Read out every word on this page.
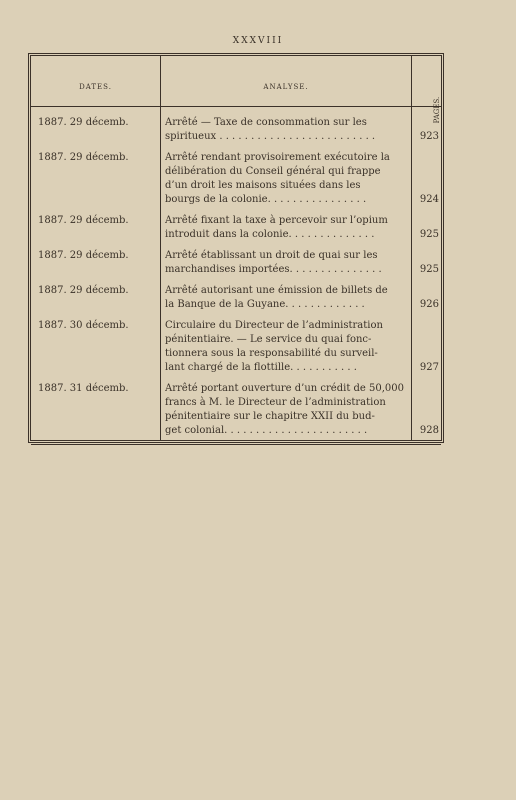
XXXVIII
DATES.	ANALYSE.
PAGES.
1887. 29 décemb.	Arrêté — Taxe de consommation sur les
spiritueux . . . . . . . . . . . . . . . . . . . . . . . . .	923
1887. 29 décemb.	Arrêté rendant provisoirement exécutoire la
délibération du Conseil général qui frappe
d’un droit les maisons situées dans les
bourgs de la colonie. . . . . . . . . . . . . . . .	924
1887. 29 décemb.	Arrêté fixant la taxe à percevoir sur l’opium
introduit dans la colonie. . . . . . . . . . . . . .	925
1887. 29 décemb.	Arrêté établissant un droit de quai sur les
marchandises importées. . . . . . . . . . . . . . .	925
1887. 29 décemb.	Arrêté autorisant une émission de billets de
la Banque de la Guyane. . . . . . . . . . . . .	926
1887. 30 décemb.	Circulaire du Directeur de l’administration
pénitentiaire. — Le service du quai fonc-
tionnera sous la responsabilité du surveil-
lant chargé de la flottille. . . . . . . . . . .	927
1887. 31 décemb.	Arrêté portant ouverture d’un crédit de 50,000
francs à M. le Directeur de l’administration
pénitentiaire sur le chapitre XXII du bud-
get colonial. . . . . . . . . . . . . . . . . . . . . . .	928
